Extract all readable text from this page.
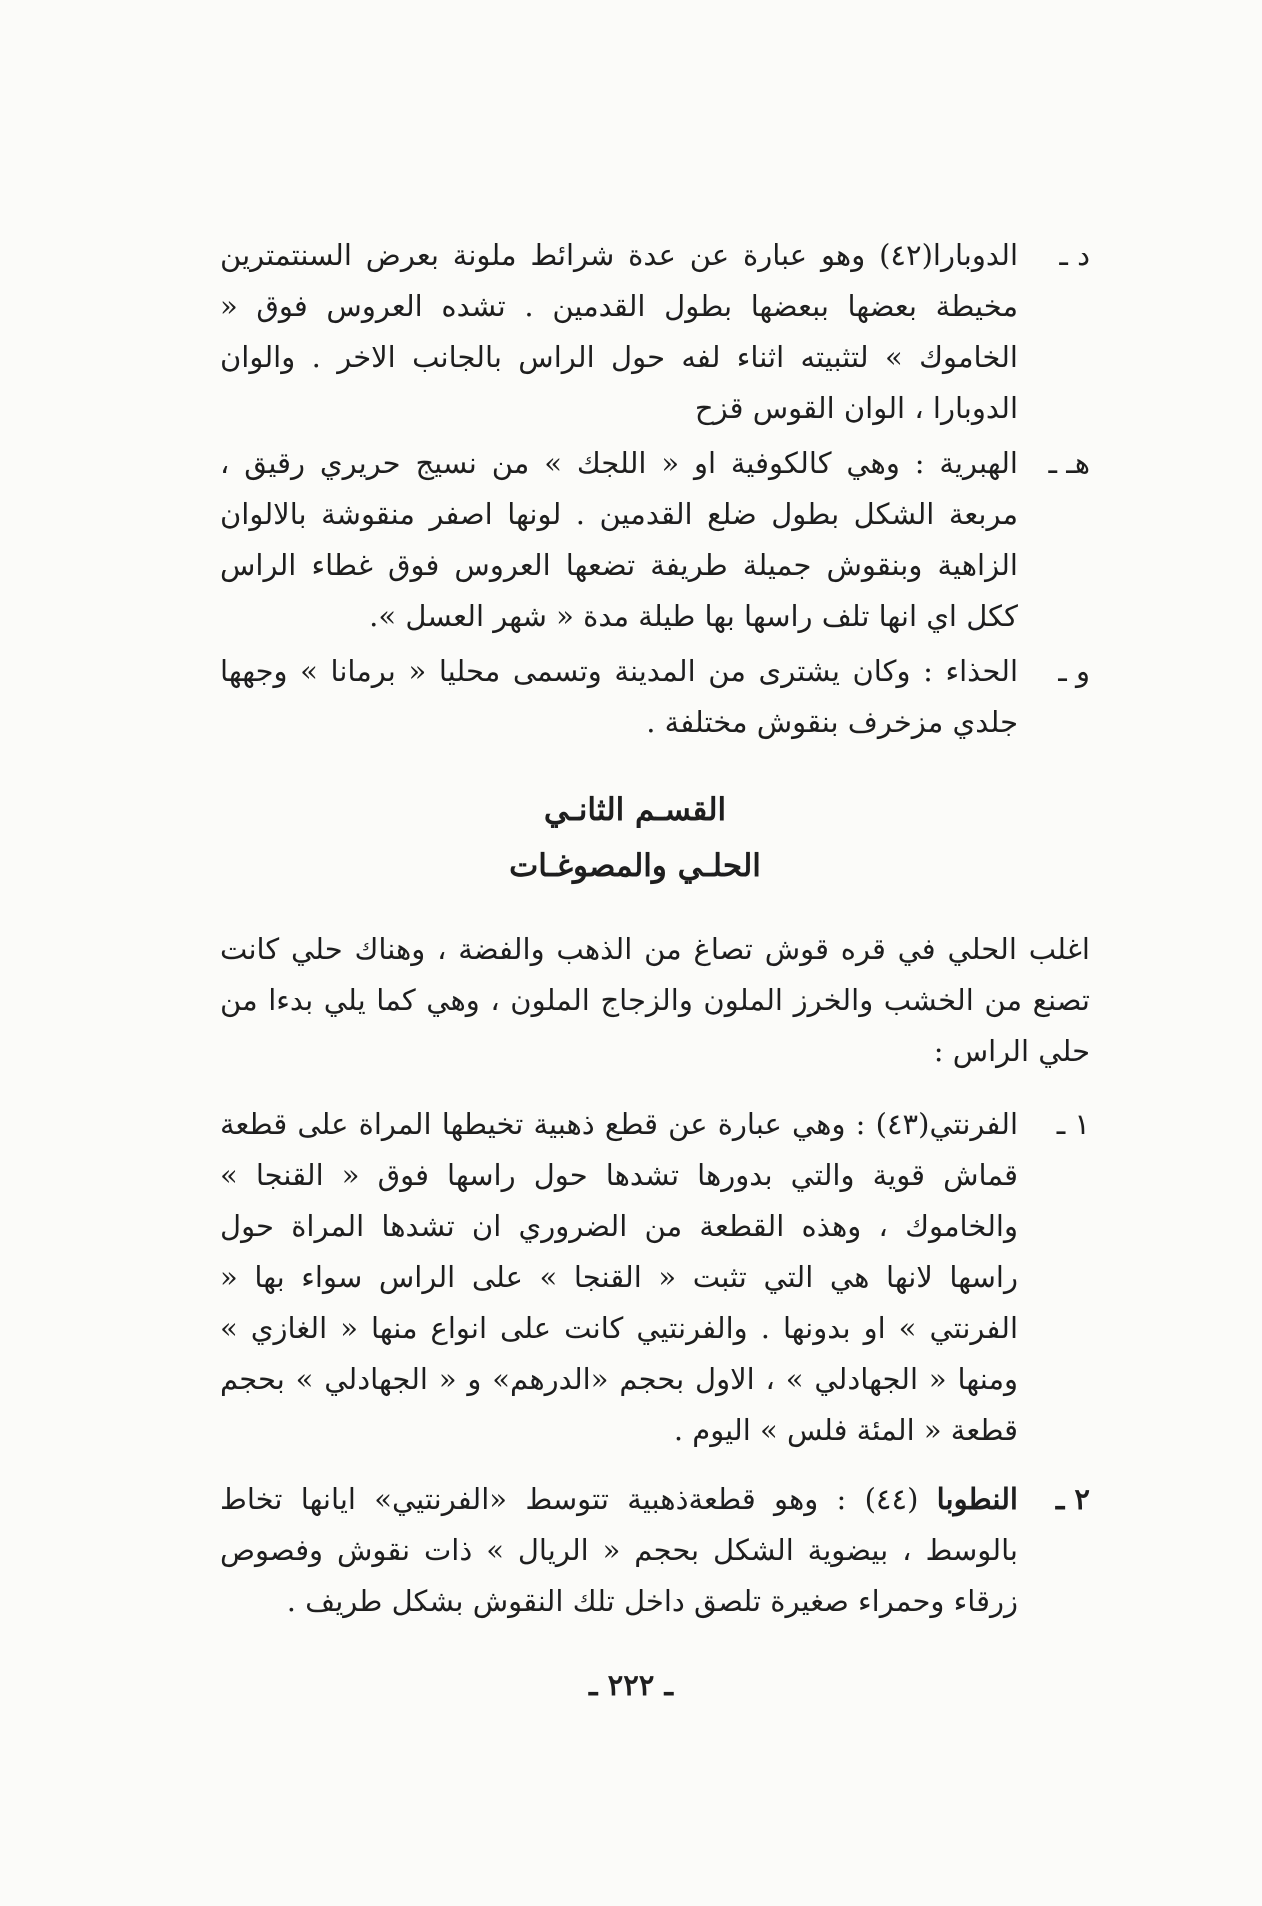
د ـ
الدوبارا(٤٢) وهو عبارة عن عدة شرائط ملونة بعرض السنتمترين مخيطة بعضها ببعضها بطول القدمين . تشده العروس فوق « الخاموك » لتثبيته اثناء لفه حول الراس بالجانب الاخر . والوان الدوبارا ، الوان القوس قزح
هـ ـ
الهبرية : وهي كالكوفية او « اللجك » من نسيج حريري رقيق ، مربعة الشكل بطول ضلع القدمين . لونها اصفر منقوشة بالالوان الزاهية وبنقوش جميلة طريفة تضعها العروس فوق غطاء الراس ككل اي انها تلف راسها بها طيلة مدة « شهر العسل ».
و ـ
الحذاء : وكان يشترى من المدينة وتسمى محليا « برمانا » وجهها جلدي مزخرف بنقوش مختلفة .
القسـم الثانـي
الحلـي والمصوغـات
اغلب الحلي في قره قوش تصاغ من الذهب والفضة ، وهناك حلي كانت تصنع من الخشب والخرز الملون والزجاج الملون ، وهي كما يلي بدءا من حلي الراس :
١ ـ
الفرنتي(٤٣) : وهي عبارة عن قطع ذهبية تخيطها المراة على قطعة قماش قوية والتي بدورها تشدها حول راسها فوق « القنجا » والخاموك ، وهذه القطعة من الضروري ان تشدها المراة حول راسها لانها هي التي تثبت « القنجا » على الراس سواء بها « الفرنتي » او بدونها . والفرنتيي كانت على انواع منها « الغازي » ومنها « الجهادلي » ، الاول بحجم «الدرهم» و « الجهادلي » بحجم قطعة « المئة فلس » اليوم .
٢ ـ
النطوبا (٤٤) : وهو قطعةذهبية تتوسط «الفرنتيي» ايانها تخاط بالوسط ، بيضوية الشكل بحجم « الريال » ذات نقوش وفصوص زرقاء وحمراء صغيرة تلصق داخل تلك النقوش بشكل طريف .
ـ ٢٢٢ ـ
